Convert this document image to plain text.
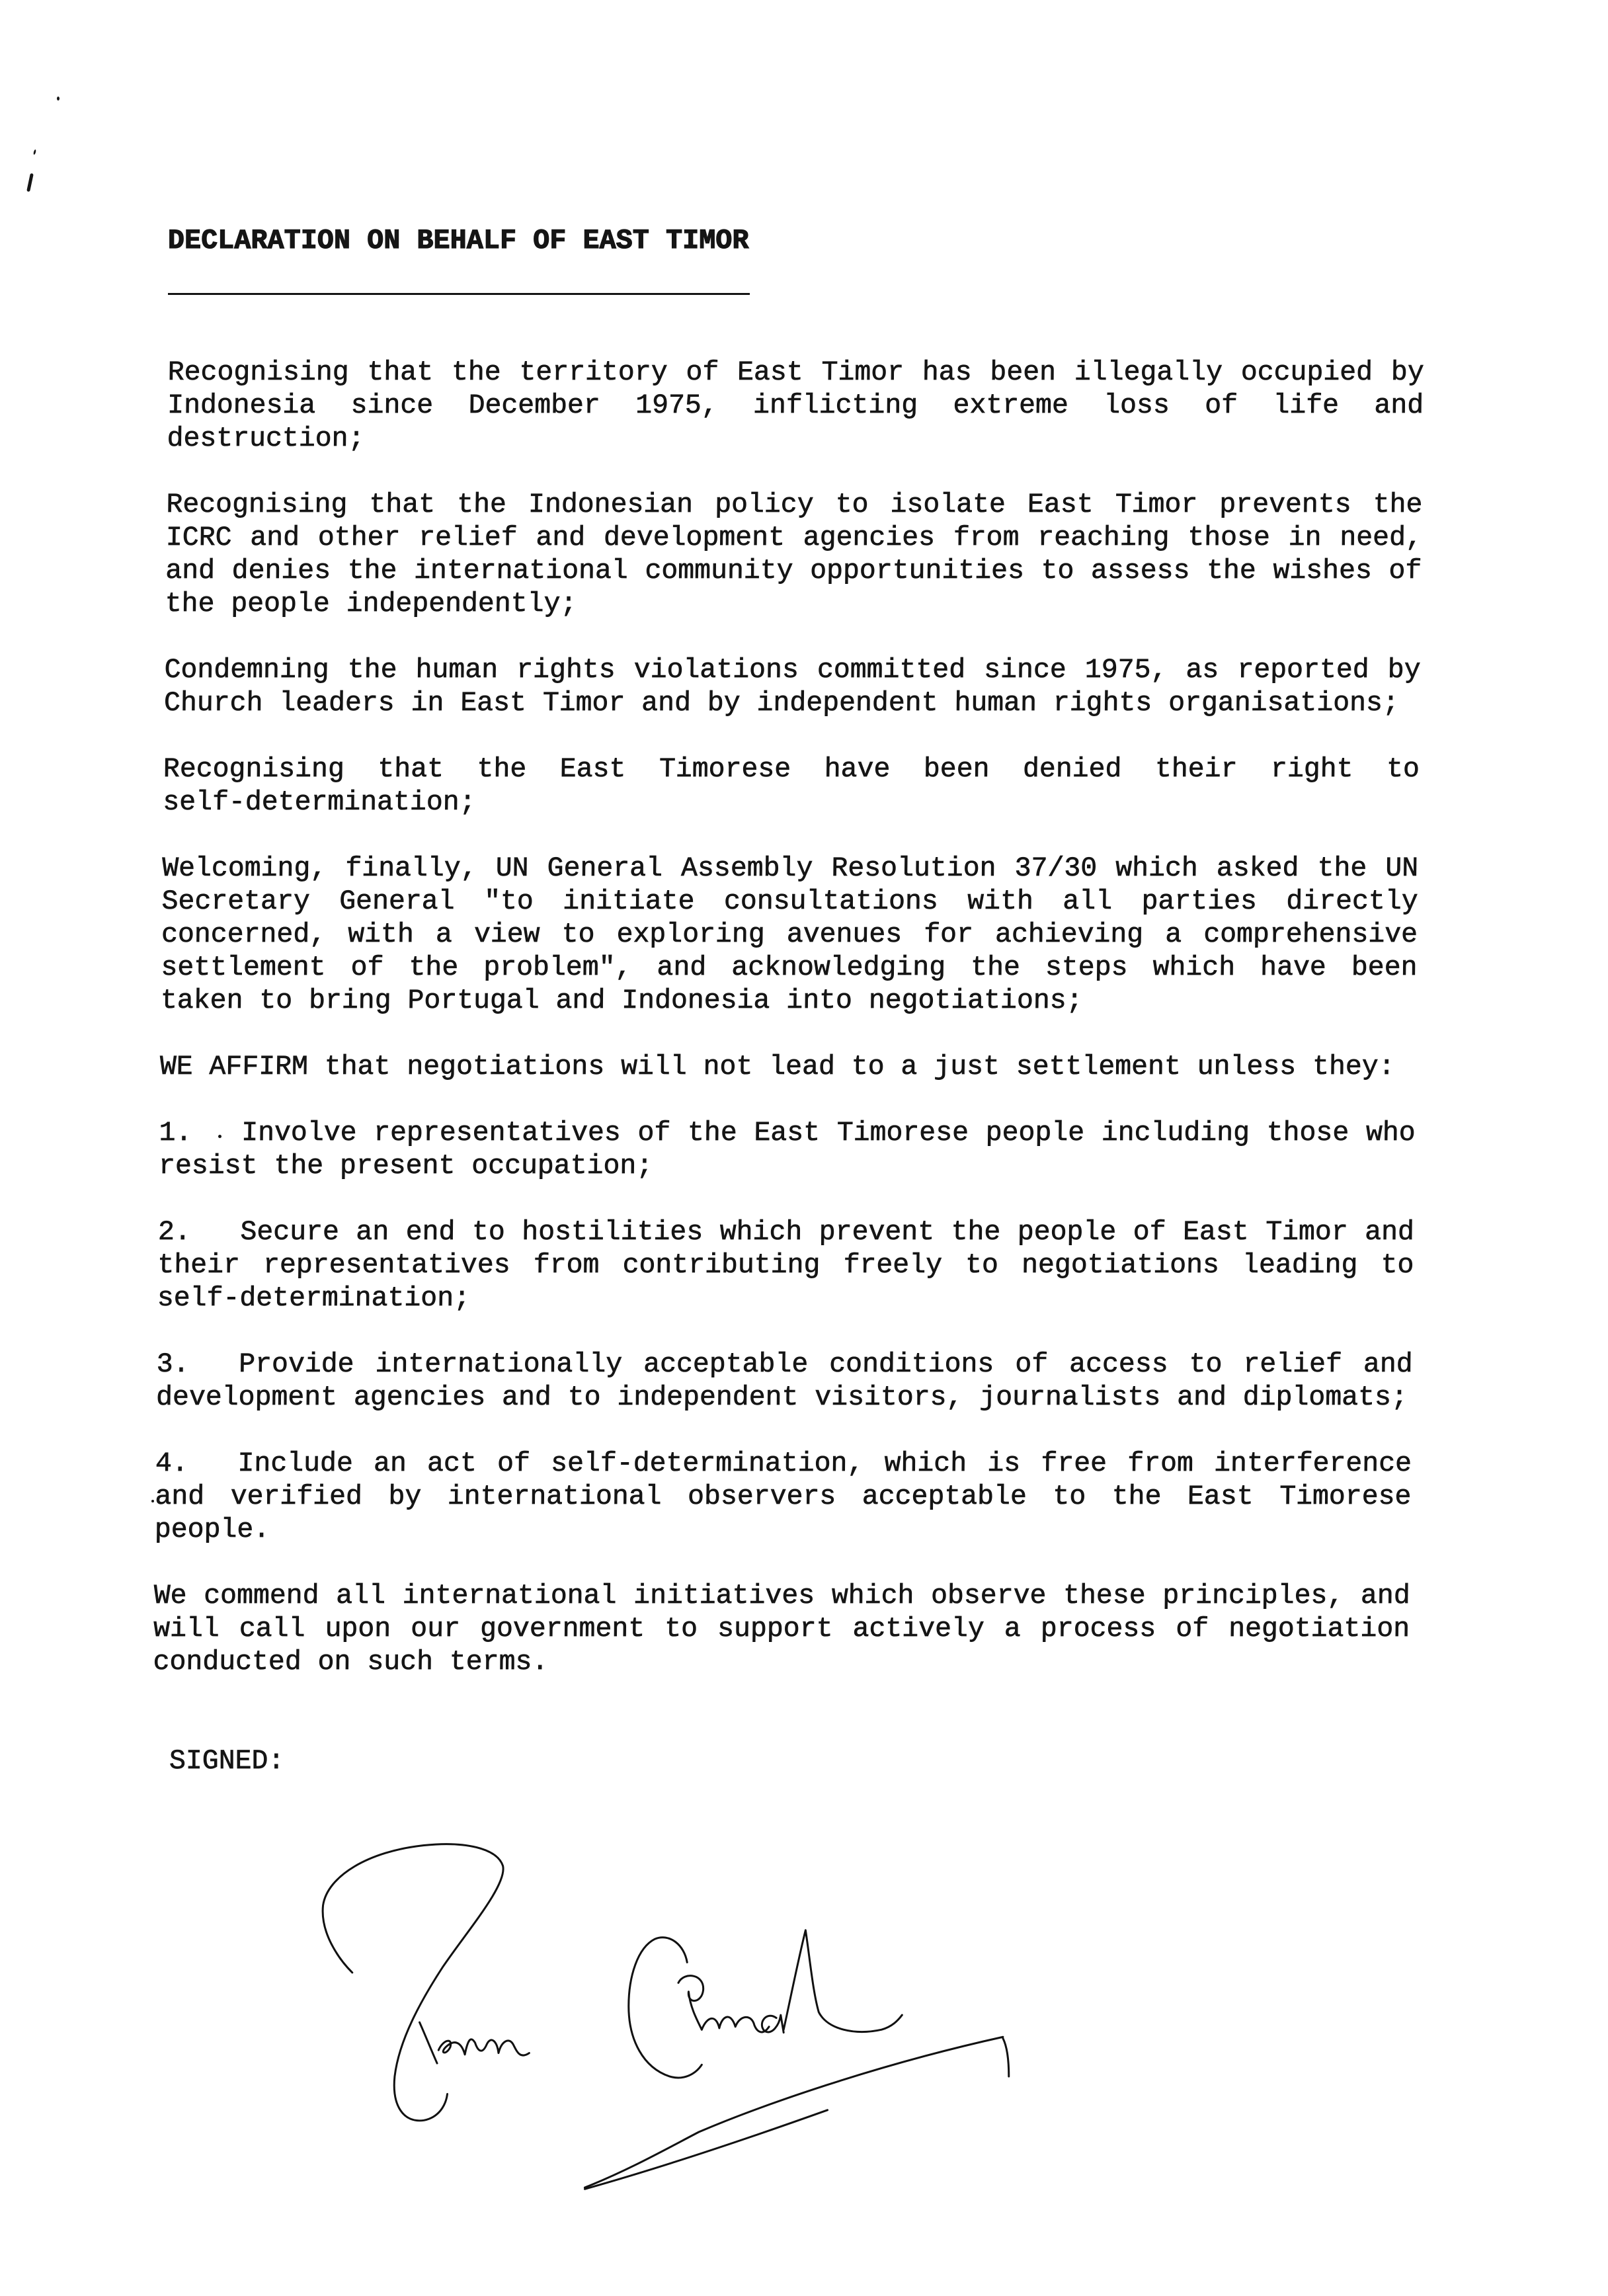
DECLARATION ON BEHALF OF EAST TIMOR
Recognising that the territory of East Timor has been illegally occupied by
Indonesia since December 1975, inflicting extreme loss of life and
destruction;
Recognising that the Indonesian policy to isolate East Timor prevents the
ICRC and other relief and development agencies from reaching those in need,
and denies the international community opportunities to assess the wishes of
the people independently;
Condemning the human rights violations committed since 1975, as reported by
Church leaders in East Timor and by independent human rights organisations;
Recognising that the East Timorese have been denied their right to
self-determination;
Welcoming, finally, UN General Assembly Resolution 37/30 which asked the UN
Secretary General "to initiate consultations with all parties directly
concerned, with a view to exploring avenues for achieving a comprehensive
settlement of the problem", and acknowledging the steps which have been
taken to bring Portugal and Indonesia into negotiations;
WE AFFIRM that negotiations will not lead to a just settlement unless they:
1. Involve representatives of the East Timorese people including those who
resist the present occupation;
2. Secure an end to hostilities which prevent the people of East Timor and
their representatives from contributing freely to negotiations leading to
self-determination;
3. Provide internationally acceptable conditions of access to relief and
development agencies and to independent visitors, journalists and diplomats;
4. Include an act of self-determination, which is free from interference
and verified by international observers acceptable to the East Timorese
people.
We commend all international initiatives which observe these principles, and
will call upon our government to support actively a process of negotiation
conducted on such terms.
SIGNED:
